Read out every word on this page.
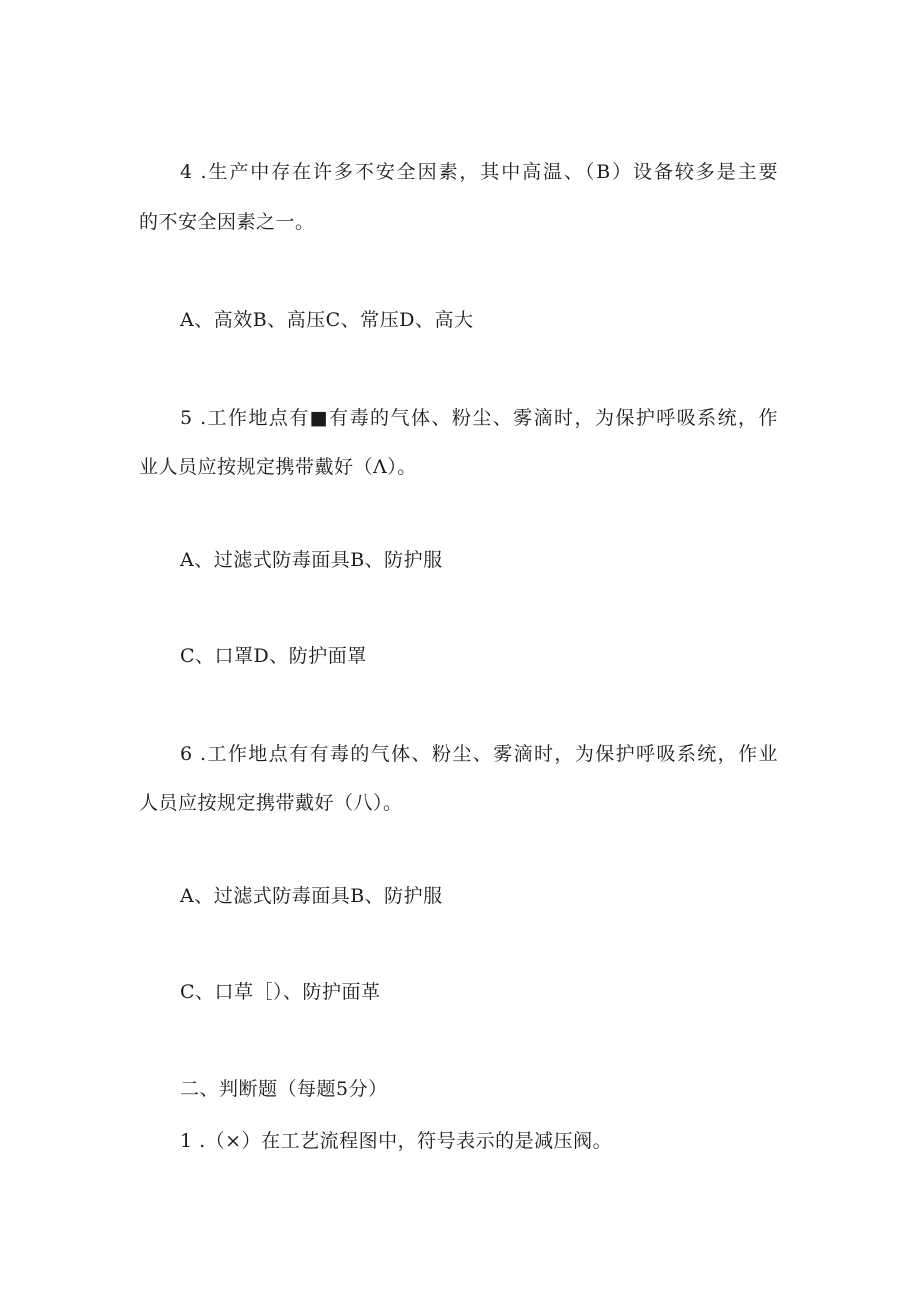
4 .生产中存在许多不安全因素，其中高温、（B）设备较多是主要
的不安全因素之一。
A、高效B、高压C、常压D、高大
5 .工作地点有■有毒的气体、粉尘、雾滴时，为保护呼吸系统，作
业人员应按规定携带戴好（Λ）。
A、过滤式防毒面具B、防护服
C、口罩D、防护面罩
6 .工作地点有有毒的气体、粉尘、雾滴时，为保护呼吸系统，作业
人员应按规定携带戴好（八）。
A、过滤式防毒面具B、防护服
C、口草［）、防护面革
二、判断题（每题5分）
1 .（×）在工艺流程图中，符号表示的是减压阀。
